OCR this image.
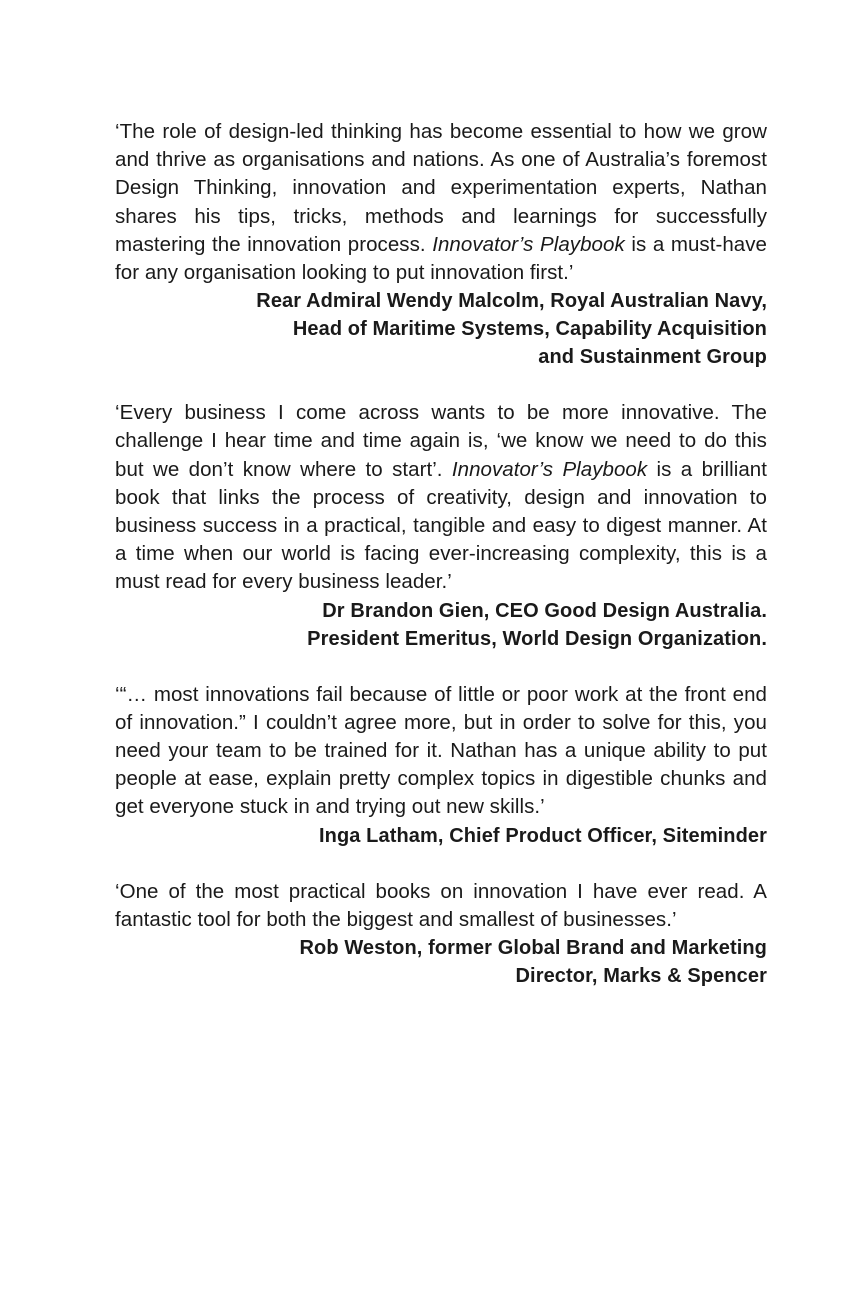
‘The role of design-led thinking has become essential to how we grow and thrive as organisations and nations. As one of Australia’s foremost Design Thinking, innovation and experimentation experts, Nathan shares his tips, tricks, methods and learnings for successfully mastering the innovation process. Innovator’s Playbook is a must-have for any organisation looking to put innovation first.’

Rear Admiral Wendy Malcolm, Royal Australian Navy,
Head of Maritime Systems, Capability Acquisition
and Sustainment Group

‘Every business I come across wants to be more innovative. The challenge I hear time and time again is, ‘we know we need to do this but we don’t know where to start’. Innovator’s Playbook is a brilliant book that links the process of creativity, design and innovation to business success in a practical, tangible and easy to digest manner. At a time when our world is facing ever-increasing complexity, this is a must read for every business leader.’

Dr Brandon Gien, CEO Good Design Australia.
President Emeritus, World Design Organization.

‘“… most innovations fail because of little or poor work at the front end of innovation.” I couldn’t agree more, but in order to solve for this, you need your team to be trained for it. Nathan has a unique ability to put people at ease, explain pretty complex topics in digestible chunks and get everyone stuck in and trying out new skills.’

Inga Latham, Chief Product Officer, Siteminder

‘One of the most practical books on innovation I have ever read. A fantastic tool for both the biggest and smallest of businesses.’

Rob Weston, former Global Brand and Marketing
Director, Marks & Spencer
